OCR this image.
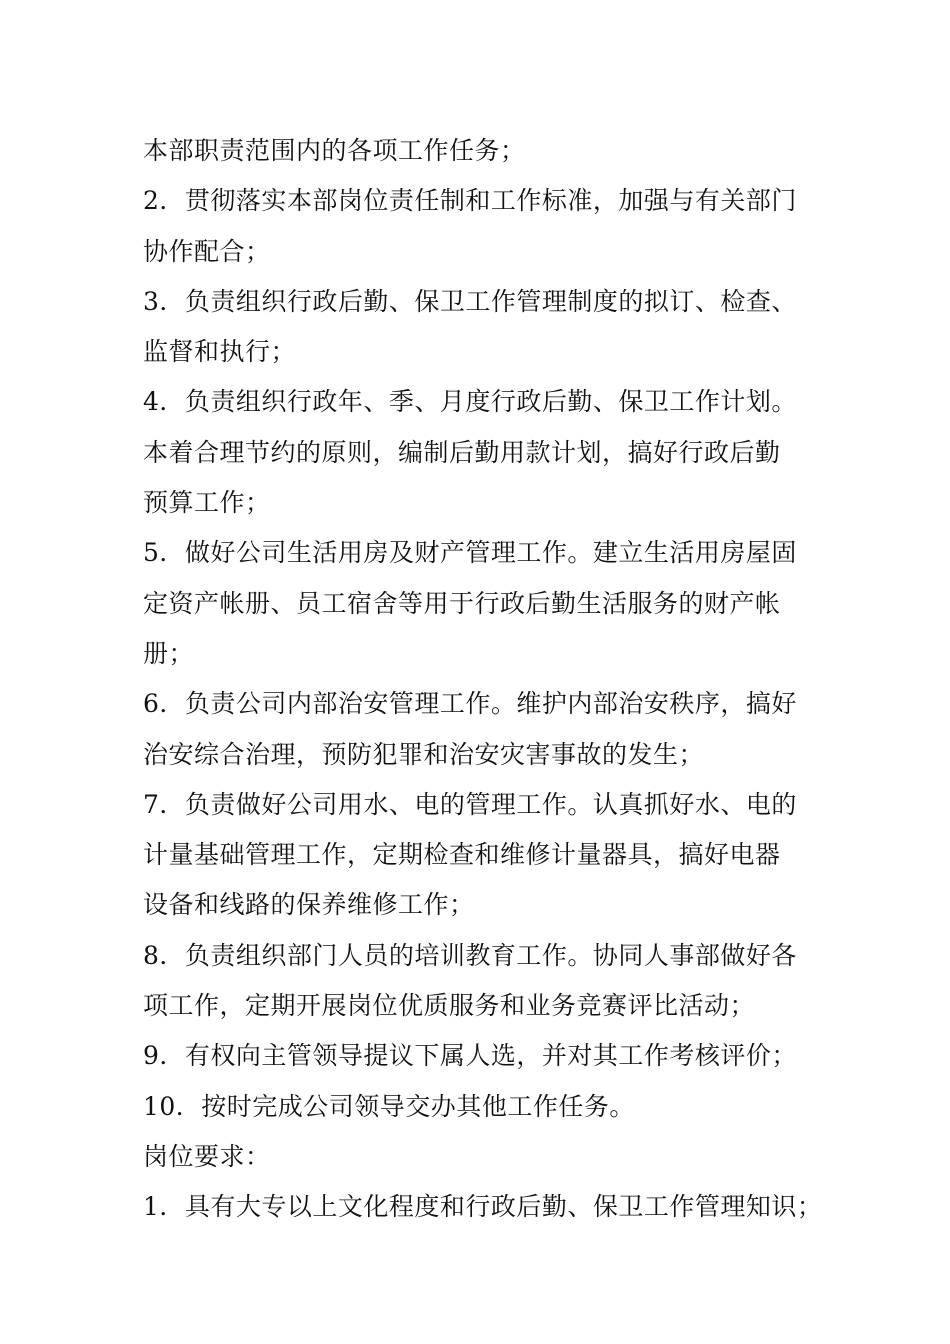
本部职责范围内的各项工作任务；
2．贯彻落实本部岗位责任制和工作标准，加强与有关部门
协作配合；
3．负责组织行政后勤、保卫工作管理制度的拟订、检查、
监督和执行；
4．负责组织行政年、季、月度行政后勤、保卫工作计划。
本着合理节约的原则，编制后勤用款计划，搞好行政后勤
预算工作；
5．做好公司生活用房及财产管理工作。建立生活用房屋固
定资产帐册、员工宿舍等用于行政后勤生活服务的财产帐
册；
6．负责公司内部治安管理工作。维护内部治安秩序，搞好
治安综合治理，预防犯罪和治安灾害事故的发生；
7．负责做好公司用水、电的管理工作。认真抓好水、电的
计量基础管理工作，定期检查和维修计量器具，搞好电器
设备和线路的保养维修工作；
8．负责组织部门人员的培训教育工作。协同人事部做好各
项工作，定期开展岗位优质服务和业务竞赛评比活动；
9．有权向主管领导提议下属人选，并对其工作考核评价；
10．按时完成公司领导交办其他工作任务。
岗位要求：
1．具有大专以上文化程度和行政后勤、保卫工作管理知识；
